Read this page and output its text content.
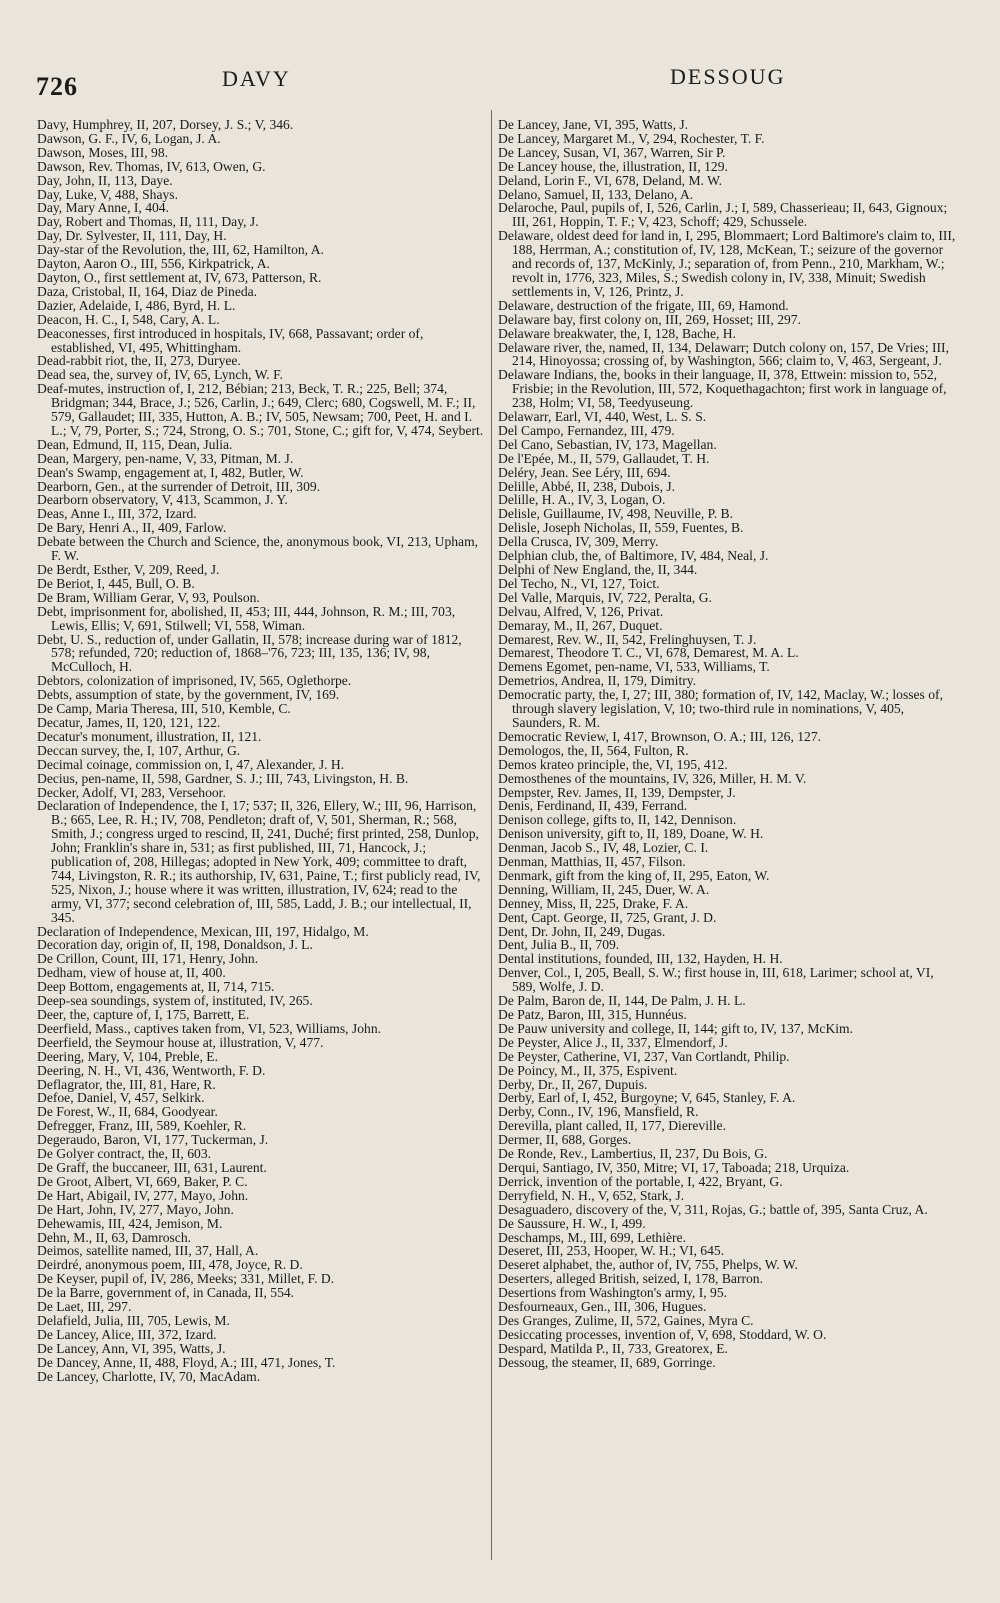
726	DAVY	DESSOUG
Davy, Humphrey, II, 207, Dorsey, J. S.; V, 346.
Dawson, G. F., IV, 6, Logan, J. A.
Dawson, Moses, III, 98.
Dawson, Rev. Thomas, IV, 613, Owen, G.
Day, John, II, 113, Daye.
Day, Luke, V, 488, Shays.
Day, Mary Anne, I, 404.
Day, Robert and Thomas, II, 111, Day, J.
Day, Dr. Sylvester, II, 111, Day, H.
Day-star of the Revolution, the, III, 62, Hamilton, A.
Dayton, Aaron O., III, 556, Kirkpatrick, A.
Dayton, O., first settlement at, IV, 673, Patterson, R.
Daza, Cristobal, II, 164, Diaz de Pineda.
Dazier, Adelaide, I, 486, Byrd, H. L.
Deacon, H. C., I, 548, Cary, A. L.
Deaconesses, first introduced in hospitals, IV, 668, Passavant; order of, established, VI, 495, Whittingham.
Dead-rabbit riot, the, II, 273, Duryee.
Dead sea, the, survey of, IV, 65, Lynch, W. F.
Deaf-mutes, instruction of, I, 212, Bébian; 213, Beck, T. R.; 225, Bell; 374, Bridgman; 344, Brace, J.; 526, Carlin, J.; 649, Clerc; 680, Cogswell, M. F.; II, 579, Gallaudet; III, 335, Hutton, A. B.; IV, 505, Newsam; 700, Peet, H. and I. L.; V, 79, Porter, S.; 724, Strong, O. S.; 701, Stone, C.; gift for, V, 474, Seybert.
Dean, Edmund, II, 115, Dean, Julia.
Dean, Margery, pen-name, V, 33, Pitman, M. J.
Dean's Swamp, engagement at, I, 482, Butler, W.
Dearborn, Gen., at the surrender of Detroit, III, 309.
Dearborn observatory, V, 413, Scammon, J. Y.
Deas, Anne I., III, 372, Izard.
De Bary, Henri A., II, 409, Farlow.
Debate between the Church and Science, the, anonymous book, VI, 213, Upham, F. W.
De Berdt, Esther, V, 209, Reed, J.
De Beriot, I, 445, Bull, O. B.
De Bram, William Gerar, V, 93, Poulson.
Debt, imprisonment for, abolished, II, 453; III, 444, Johnson, R. M.; III, 703, Lewis, Ellis; V, 691, Stilwell; VI, 558, Wiman.
Debt, U. S., reduction of, under Gallatin, II, 578; increase during war of 1812, 578; refunded, 720; reduction of, 1868–'76, 723; III, 135, 136; IV, 98, McCulloch, H.
Debtors, colonization of imprisoned, IV, 565, Oglethorpe.
Debts, assumption of state, by the government, IV, 169.
De Camp, Maria Theresa, III, 510, Kemble, C.
Decatur, James, II, 120, 121, 122.
Decatur's monument, illustration, II, 121.
Deccan survey, the, I, 107, Arthur, G.
Decimal coinage, commission on, I, 47, Alexander, J. H.
Decius, pen-name, II, 598, Gardner, S. J.; III, 743, Livingston, H. B.
Decker, Adolf, VI, 283, Versehoor.
Declaration of Independence, the I, 17; 537; II, 326, Ellery, W.; III, 96, Harrison, B.; 665, Lee, R. H.; IV, 708, Pendleton; draft of, V, 501, Sherman, R.; 568, Smith, J.; congress urged to rescind, II, 241, Duché; first printed, 258, Dunlop, John; Franklin's share in, 531; as first published, III, 71, Hancock, J.; publication of, 208, Hillegas; adopted in New York, 409; committee to draft, 744, Livingston, R. R.; its authorship, IV, 631, Paine, T.; first publicly read, IV, 525, Nixon, J.; house where it was written, illustration, IV, 624; read to the army, VI, 377; second celebration of, III, 585, Ladd, J. B.; our intellectual, II, 345.
Declaration of Independence, Mexican, III, 197, Hidalgo, M.
Decoration day, origin of, II, 198, Donaldson, J. L.
De Crillon, Count, III, 171, Henry, John.
Dedham, view of house at, II, 400.
Deep Bottom, engagements at, II, 714, 715.
Deep-sea soundings, system of, instituted, IV, 265.
Deer, the, capture of, I, 175, Barrett, E.
Deerfield, Mass., captives taken from, VI, 523, Williams, John.
Deerfield, the Seymour house at, illustration, V, 477.
Deering, Mary, V, 104, Preble, E.
Deering, N. H., VI, 436, Wentworth, F. D.
Deflagrator, the, III, 81, Hare, R.
Defoe, Daniel, V, 457, Selkirk.
De Forest, W., II, 684, Goodyear.
Defregger, Franz, III, 589, Koehler, R.
Degeraudo, Baron, VI, 177, Tuckerman, J.
De Golyer contract, the, II, 603.
De Graff, the buccaneer, III, 631, Laurent.
De Groot, Albert, VI, 669, Baker, P. C.
De Hart, Abigail, IV, 277, Mayo, John.
De Hart, John, IV, 277, Mayo, John.
Dehewamis, III, 424, Jemison, M.
Dehn, M., II, 63, Damrosch.
Deimos, satellite named, III, 37, Hall, A.
Deirdré, anonymous poem, III, 478, Joyce, R. D.
De Keyser, pupil of, IV, 286, Meeks; 331, Millet, F. D.
De la Barre, government of, in Canada, II, 554.
De Laet, III, 297.
Delafield, Julia, III, 705, Lewis, M.
De Lancey, Alice, III, 372, Izard.
De Lancey, Ann, VI, 395, Watts, J.
De Dancey, Anne, II, 488, Floyd, A.; III, 471, Jones, T.
De Lancey, Charlotte, IV, 70, MacAdam.
De Lancey, Jane, VI, 395, Watts, J.
De Lancey, Margaret M., V, 294, Rochester, T. F.
De Lancey, Susan, VI, 367, Warren, Sir P.
De Lancey house, the, illustration, II, 129.
Deland, Lorin F., VI, 678, Deland, M. W.
Delano, Samuel, II, 133, Delano, A.
Delaroche, Paul, pupils of, I, 526, Carlin, J.; I, 589, Chasserieau; II, 643, Gignoux; III, 261, Hoppin, T. F.; V, 423, Schoff; 429, Schussele.
Delaware, oldest deed for land in, I, 295, Blommaert; Lord Baltimore's claim to, III, 188, Herrman, A.; constitution of, IV, 128, McKean, T.; seizure of the governor and records of, 137, McKinly, J.; separation of, from Penn., 210, Markham, W.; revolt in, 1776, 323, Miles, S.; Swedish colony in, IV, 338, Minuit; Swedish settlements in, V, 126, Printz, J.
Delaware, destruction of the frigate, III, 69, Hamond.
Delaware bay, first colony on, III, 269, Hosset; III, 297.
Delaware breakwater, the, I, 128, Bache, H.
Delaware river, the, named, II, 134, Delawarr; Dutch colony on, 157, De Vries; III, 214, Hinoyossa; crossing of, by Washington, 566; claim to, V, 463, Sergeant, J.
Delaware Indians, the, books in their language, II, 378, Ettwein: mission to, 552, Frisbie; in the Revolution, III, 572, Koquethagachton; first work in language of, 238, Holm; VI, 58, Teedyuseung.
Delawarr, Earl, VI, 440, West, L. S. S.
Del Campo, Fernandez, III, 479.
Del Cano, Sebastian, IV, 173, Magellan.
De l'Epée, M., II, 579, Gallaudet, T. H.
Deléry, Jean. See Léry, III, 694.
Delille, Abbé, II, 238, Dubois, J.
Delille, H. A., IV, 3, Logan, O.
Delisle, Guillaume, IV, 498, Neuville, P. B.
Delisle, Joseph Nicholas, II, 559, Fuentes, B.
Della Crusca, IV, 309, Merry.
Delphian club, the, of Baltimore, IV, 484, Neal, J.
Delphi of New England, the, II, 344.
Del Techo, N., VI, 127, Toict.
Del Valle, Marquis, IV, 722, Peralta, G.
Delvau, Alfred, V, 126, Privat.
Demaray, M., II, 267, Duquet.
Demarest, Rev. W., II, 542, Frelinghuysen, T. J.
Demarest, Theodore T. C., VI, 678, Demarest, M. A. L.
Demens Egomet, pen-name, VI, 533, Williams, T.
Demetrios, Andrea, II, 179, Dimitry.
Democratic party, the, I, 27; III, 380; formation of, IV, 142, Maclay, W.; losses of, through slavery legislation, V, 10; two-third rule in nominations, V, 405, Saunders, R. M.
Democratic Review, I, 417, Brownson, O. A.; III, 126, 127.
Demologos, the, II, 564, Fulton, R.
Demos krateo principle, the, VI, 195, 412.
Demosthenes of the mountains, IV, 326, Miller, H. M. V.
Dempster, Rev. James, II, 139, Dempster, J.
Denis, Ferdinand, II, 439, Ferrand.
Denison college, gifts to, II, 142, Dennison.
Denison university, gift to, II, 189, Doane, W. H.
Denman, Jacob S., IV, 48, Lozier, C. I.
Denman, Matthias, II, 457, Filson.
Denmark, gift from the king of, II, 295, Eaton, W.
Denning, William, II, 245, Duer, W. A.
Denney, Miss, II, 225, Drake, F. A.
Dent, Capt. George, II, 725, Grant, J. D.
Dent, Dr. John, II, 249, Dugas.
Dent, Julia B., II, 709.
Dental institutions, founded, III, 132, Hayden, H. H.
Denver, Col., I, 205, Beall, S. W.; first house in, III, 618, Larimer; school at, VI, 589, Wolfe, J. D.
De Palm, Baron de, II, 144, De Palm, J. H. L.
De Patz, Baron, III, 315, Hunnéus.
De Pauw university and college, II, 144; gift to, IV, 137, McKim.
De Peyster, Alice J., II, 337, Elmendorf, J.
De Peyster, Catherine, VI, 237, Van Cortlandt, Philip.
De Poincy, M., II, 375, Espivent.
Derby, Dr., II, 267, Dupuis.
Derby, Earl of, I, 452, Burgoyne; V, 645, Stanley, F. A.
Derby, Conn., IV, 196, Mansfield, R.
Derevilla, plant called, II, 177, Diereville.
Dermer, II, 688, Gorges.
De Ronde, Rev., Lambertius, II, 237, Du Bois, G.
Derqui, Santiago, IV, 350, Mitre; VI, 17, Taboada; 218, Urquiza.
Derrick, invention of the portable, I, 422, Bryant, G.
Derryfield, N. H., V, 652, Stark, J.
Desaguadero, discovery of the, V, 311, Rojas, G.; battle of, 395, Santa Cruz, A.
De Saussure, H. W., I, 499.
Deschamps, M., III, 699, Lethière.
Deseret, III, 253, Hooper, W. H.; VI, 645.
Deseret alphabet, the, author of, IV, 755, Phelps, W. W.
Deserters, alleged British, seized, I, 178, Barron.
Desertions from Washington's army, I, 95.
Desfourneaux, Gen., III, 306, Hugues.
Des Granges, Zulime, II, 572, Gaines, Myra C.
Desiccating processes, invention of, V, 698, Stoddard, W. O.
Despard, Matilda P., II, 733, Greatorex, E.
Dessoug, the steamer, II, 689, Gorringe.
